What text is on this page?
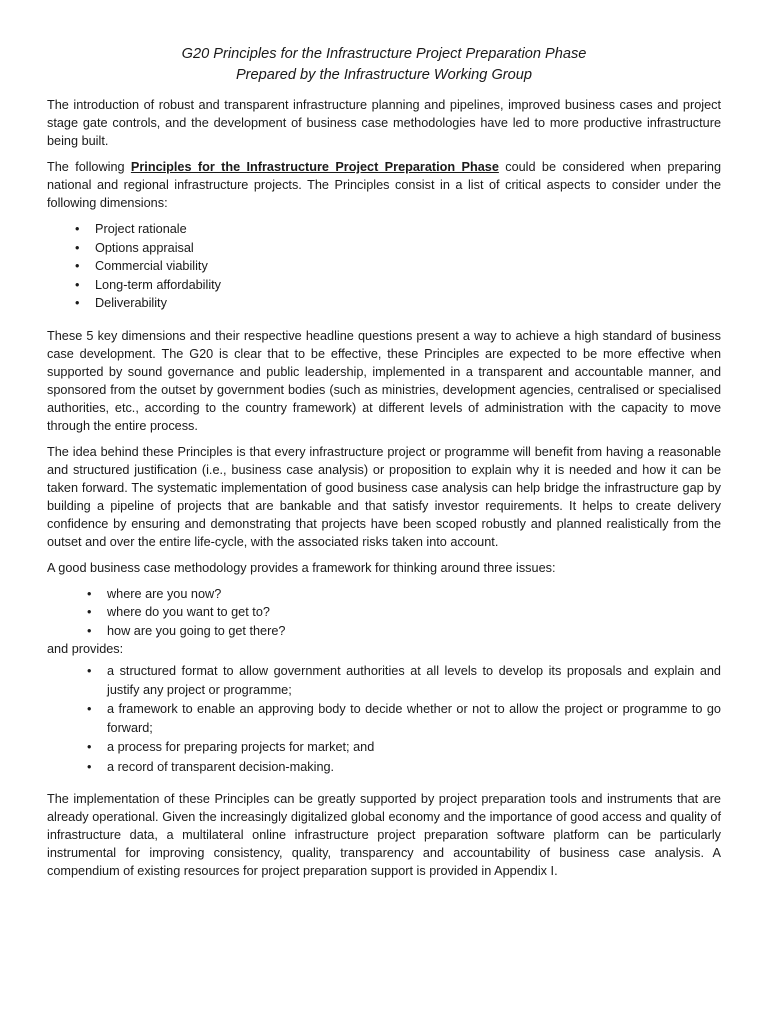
G20 Principles for the Infrastructure Project Preparation Phase
Prepared by the Infrastructure Working Group

The introduction of robust and transparent infrastructure planning and pipelines, improved business cases and project stage gate controls, and the development of business case methodologies have led to more productive infrastructure being built.

The following Principles for the Infrastructure Project Preparation Phase could be considered when preparing national and regional infrastructure projects. The Principles consist in a list of critical aspects to consider under the following dimensions:

• Project rationale
• Options appraisal
• Commercial viability
• Long-term affordability
• Deliverability

These 5 key dimensions and their respective headline questions present a way to achieve a high standard of business case development. The G20 is clear that to be effective, these Principles are expected to be more effective when supported by sound governance and public leadership, implemented in a transparent and accountable manner, and sponsored from the outset by government bodies (such as ministries, development agencies, centralised or specialised authorities, etc., according to the country framework) at different levels of administration with the capacity to move through the entire process.

The idea behind these Principles is that every infrastructure project or programme will benefit from having a reasonable and structured justification (i.e., business case analysis) or proposition to explain why it is needed and how it can be taken forward. The systematic implementation of good business case analysis can help bridge the infrastructure gap by building a pipeline of projects that are bankable and that satisfy investor requirements. It helps to create delivery confidence by ensuring and demonstrating that projects have been scoped robustly and planned realistically from the outset and over the entire life-cycle, with the associated risks taken into account.

A good business case methodology provides a framework for thinking around three issues:

• where are you now?
• where do you want to get to?
• how are you going to get there?
and provides:
• a structured format to allow government authorities at all levels to develop its proposals and explain and justify any project or programme;
• a framework to enable an approving body to decide whether or not to allow the project or programme to go forward;
• a process for preparing projects for market; and
• a record of transparent decision-making.

The implementation of these Principles can be greatly supported by project preparation tools and instruments that are already operational. Given the increasingly digitalized global economy and the importance of good access and quality of infrastructure data, a multilateral online infrastructure project preparation software platform can be particularly instrumental for improving consistency, quality, transparency and accountability of business case analysis. A compendium of existing resources for project preparation support is provided in Appendix I.
